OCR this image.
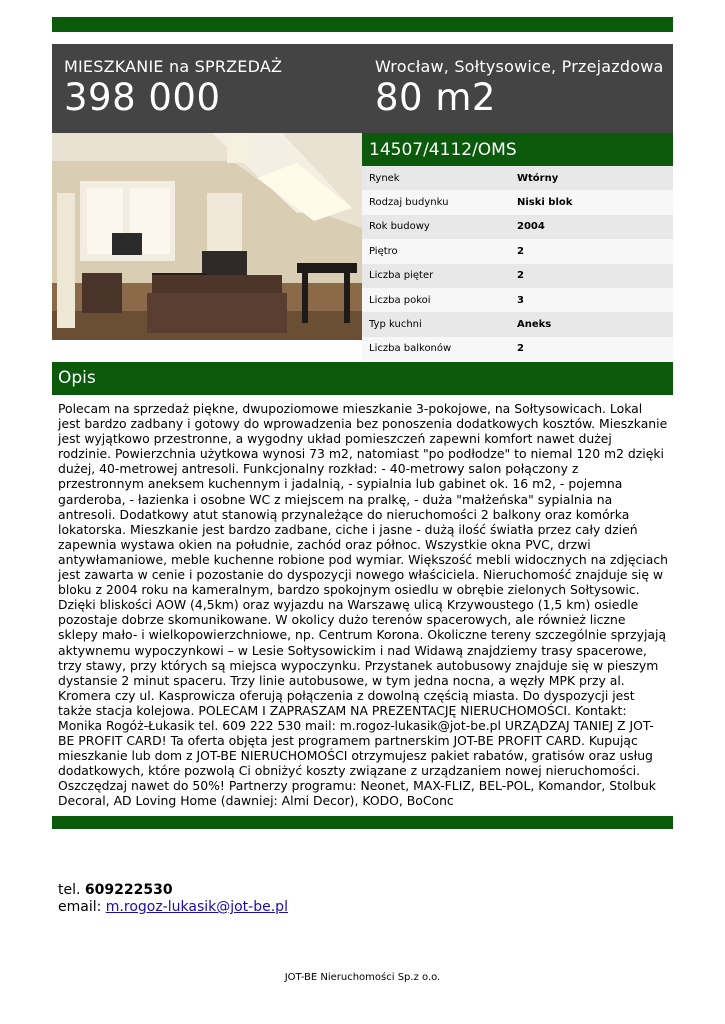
MIESZKANIE na SPRZEDAŻ
398 000
Wrocław, Sołtysowice, Przejazdowa
80 m2
14507/4112/OMS
Rynek	Wtórny
Rodzaj budynku	Niski blok
Rok budowy	2004
Piętro	2
Liczba pięter	2
Liczba pokoi	3
Typ kuchni	Aneks
Liczba balkonów	2
Opis
Polecam na sprzedaż piękne, dwupoziomowe mieszkanie 3-pokojowe, na Sołtysowicach. Lokal jest bardzo zadbany i gotowy do wprowadzenia bez ponoszenia dodatkowych kosztów. Mieszkanie jest wyjątkowo przestronne, a wygodny układ pomieszczeń zapewni komfort nawet dużej rodzinie. Powierzchnia użytkowa wynosi 73 m2, natomiast "po podłodze" to niemal 120 m2 dzięki dużej, 40-metrowej antresoli. Funkcjonalny rozkład: - 40-metrowy salon połączony z przestronnym aneksem kuchennym i jadalnią, - sypialnia lub gabinet ok. 16 m2, - pojemna garderoba, - łazienka i osobne WC z miejscem na pralkę, - duża "małżeńska" sypialnia na antresoli. Dodatkowy atut stanowią przynależące do nieruchomości 2 balkony oraz komórka lokatorska. Mieszkanie jest bardzo zadbane, ciche i jasne - dużą ilość światła przez cały dzień zapewnia wystawa okien na południe, zachód oraz północ. Wszystkie okna PVC, drzwi antywłamaniowe, meble kuchenne robione pod wymiar. Większość mebli widocznych na zdjęciach jest zawarta w cenie i pozostanie do dyspozycji nowego właściciela. Nieruchomość znajduje się w bloku z 2004 roku na kameralnym, bardzo spokojnym osiedlu w obrębie zielonych Sołtysowic. Dzięki bliskości AOW (4,5km) oraz wyjazdu na Warszawę ulicą Krzywoustego (1,5 km) osiedle pozostaje dobrze skomunikowane. W okolicy dużo terenów spacerowych, ale również liczne sklepy mało- i wielkopowierzchniowe, np. Centrum Korona. Okoliczne tereny szczególnie sprzyjają aktywnemu wypoczynkowi – w Lesie Sołtysowickim i nad Widawą znajdziemy trasy spacerowe, trzy stawy, przy których są miejsca wypoczynku. Przystanek autobusowy znajduje się w pieszym dystansie 2 minut spaceru. Trzy linie autobusowe, w tym jedna nocna, a węzły MPK przy al. Kromera czy ul. Kasprowicza oferują połączenia z dowolną częścią miasta. Do dyspozycji jest także stacja kolejowa. POLECAM I ZAPRASZAM NA PREZENTACJĘ NIERUCHOMOŚCI. Kontakt: Monika Rogóż-Łukasik tel. 609 222 530 mail: m.rogoz-lukasik@jot-be.pl URZĄDZAJ TANIEJ Z JOT-BE PROFIT CARD! Ta oferta objęta jest programem partnerskim JOT-BE PROFIT CARD. Kupując mieszkanie lub dom z JOT-BE NIERUCHOMOŚCI otrzymujesz pakiet rabatów, gratisów oraz usług dodatkowych, które pozwolą Ci obniżyć koszty związane z urządzaniem nowej nieruchomości. Oszczędzaj nawet do 50%! Partnerzy programu: Neonet, MAX-FLIZ, BEL-POL, Komandor, Stolbuk Decoral, AD Loving Home (dawniej: Almi Decor), KODO, BoConc
tel. 609222530
email: m.rogoz-lukasik@jot-be.pl
JOT-BE Nieruchomości Sp.z o.o.
